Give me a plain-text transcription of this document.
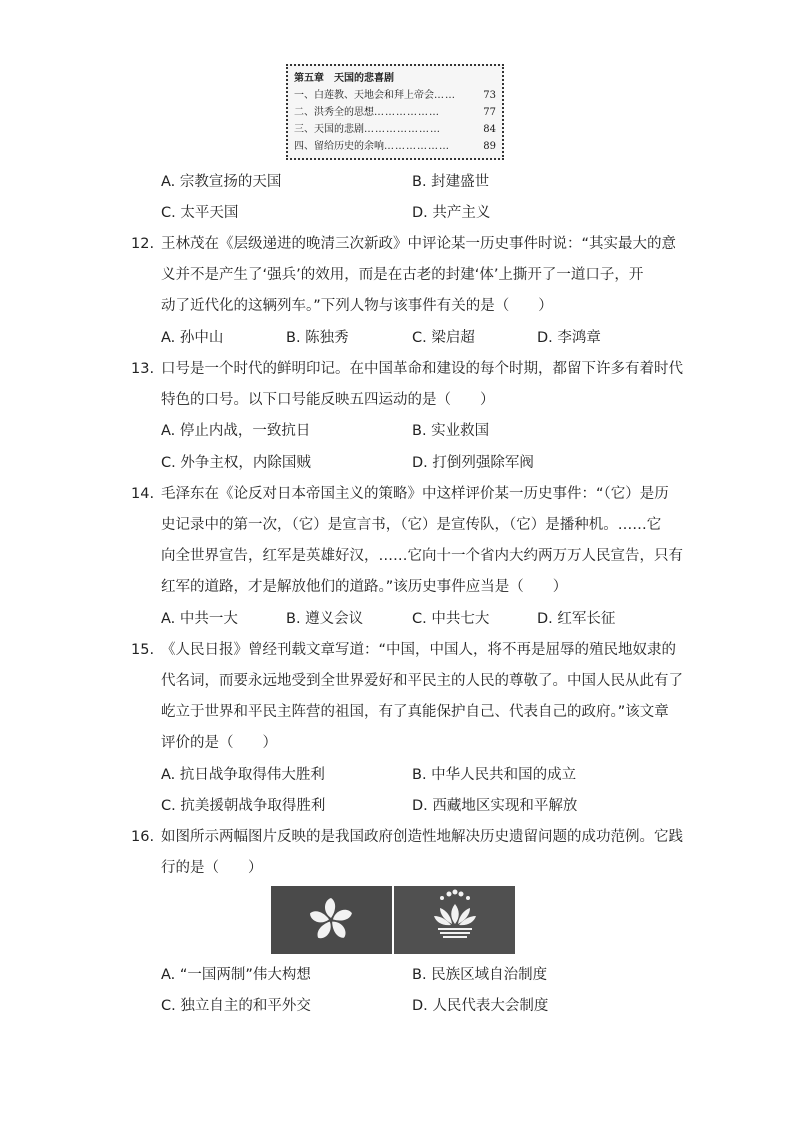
第五章　天国的悲喜剧
一、白莲教、天地会和拜上帝会 ……	73
二、洪秀全的思想 ………………	77
三、天国的悲剧 …………………	84
四、留给历史的余响 ………………	89
A. 宗教宣扬的天国	B. 封建盛世
C. 太平天国	D. 共产主义
12. 王林茂在《层级递进的晚清三次新政》中评论某一历史事件时说：“其实最大的意
义并不是产生了‘强兵’的效用，而是在古老的封建‘体’上撕开了一道口子，开
动了近代化的这辆列车。”下列人物与该事件有关的是（　　）
A. 孙中山	B. 陈独秀	C. 梁启超	D. 李鸿章
13. 口号是一个时代的鲜明印记。在中国革命和建设的每个时期，都留下许多有着时代
特色的口号。以下口号能反映五四运动的是（　　）
A. 停止内战，一致抗日	B. 实业救国
C. 外争主权，内除国贼	D. 打倒列强除军阀
14. 毛泽东在《论反对日本帝国主义的策略》中这样评价某一历史事件：“（它）是历
史记录中的第一次，（它）是宣言书，（它）是宣传队，（它）是播种机。……它
向全世界宣告，红军是英雄好汉，……它向十一个省内大约两万万人民宣告，只有
红军的道路，才是解放他们的道路。”该历史事件应当是（　　）
A. 中共一大	B. 遵义会议	C. 中共七大	D. 红军长征
15. 《人民日报》曾经刊载文章写道：“中国，中国人，将不再是屈辱的殖民地奴隶的
代名词，而要永远地受到全世界爱好和平民主的人民的尊敬了。中国人民从此有了
屹立于世界和平民主阵营的祖国，有了真能保护自己、代表自己的政府。”该文章
评价的是（　　）
A. 抗日战争取得伟大胜利	B. 中华人民共和国的成立
C. 抗美援朝战争取得胜利	D. 西藏地区实现和平解放
16. 如图所示两幅图片反映的是我国政府创造性地解决历史遗留问题的成功范例。它践
行的是（　　）
A. “一国两制”伟大构想	B. 民族区域自治制度
C. 独立自主的和平外交	D. 人民代表大会制度
